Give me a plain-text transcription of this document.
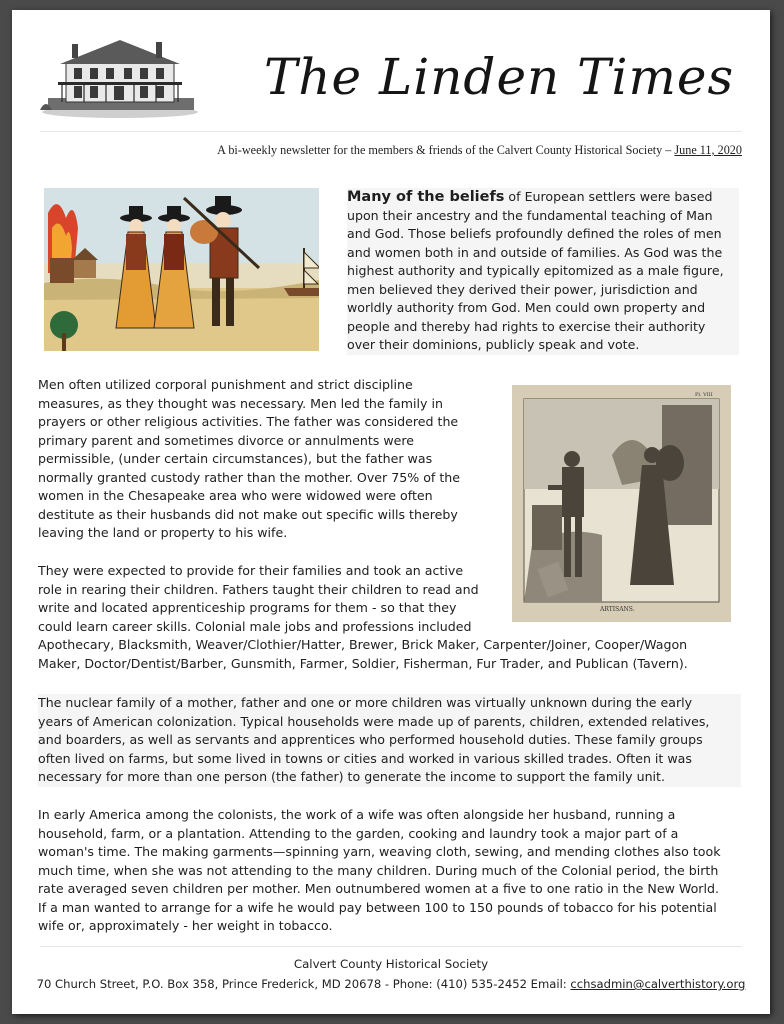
The Linden Times
A bi-weekly newsletter for the members & friends of the Calvert County Historical Society – June 11, 2020
Pl. VIII
ARTISANS.
Many of the beliefs of European settlers were based
upon their ancestry and the fundamental teaching of Man
and God. Those beliefs profoundly defined the roles of men
and women both in and outside of families. As God was the
highest authority and typically epitomized as a male figure,
men believed they derived their power, jurisdiction and
worldly authority from God. Men could own property and
people and thereby had rights to exercise their authority
over their dominions, publicly speak and vote.
Men often utilized corporal punishment and strict discipline
measures, as they thought was necessary. Men led the family in
prayers or other religious activities. The father was considered the
primary parent and sometimes divorce or annulments were
permissible, (under certain circumstances), but the father was
normally granted custody rather than the mother. Over 75% of the
women in the Chesapeake area who were widowed were often
destitute as their husbands did not make out specific wills thereby
leaving the land or property to his wife.
They were expected to provide for their families and took an active
role in rearing their children. Fathers taught their children to read and
write and located apprenticeship programs for them - so that they
could learn career skills. Colonial male jobs and professions included
Apothecary, Blacksmith, Weaver/Clothier/Hatter, Brewer, Brick Maker, Carpenter/Joiner, Cooper/Wagon
Maker, Doctor/Dentist/Barber, Gunsmith, Farmer, Soldier, Fisherman, Fur Trader, and Publican (Tavern).
The nuclear family of a mother, father and one or more children was virtually unknown during the early
years of American colonization. Typical households were made up of parents, children, extended relatives,
and boarders, as well as servants and apprentices who performed household duties. These family groups
often lived on farms, but some lived in towns or cities and worked in various skilled trades. Often it was
necessary for more than one person (the father) to generate the income to support the family unit.
In early America among the colonists, the work of a wife was often alongside her husband, running a
household, farm, or a plantation. Attending to the garden, cooking and laundry took a major part of a
woman's time. The making garments—spinning yarn, weaving cloth, sewing, and mending clothes also took
much time, when she was not attending to the many children. During much of the Colonial period, the birth
rate averaged seven children per mother. Men outnumbered women at a five to one ratio in the New World.
If a man wanted to arrange for a wife he would pay between 100 to 150 pounds of tobacco for his potential
wife or, approximately - her weight in tobacco.
Calvert County Historical Society
70 Church Street, P.O. Box 358, Prince Frederick, MD 20678 - Phone: (410) 535-2452 Email: cchsadmin@calverthistory.org
